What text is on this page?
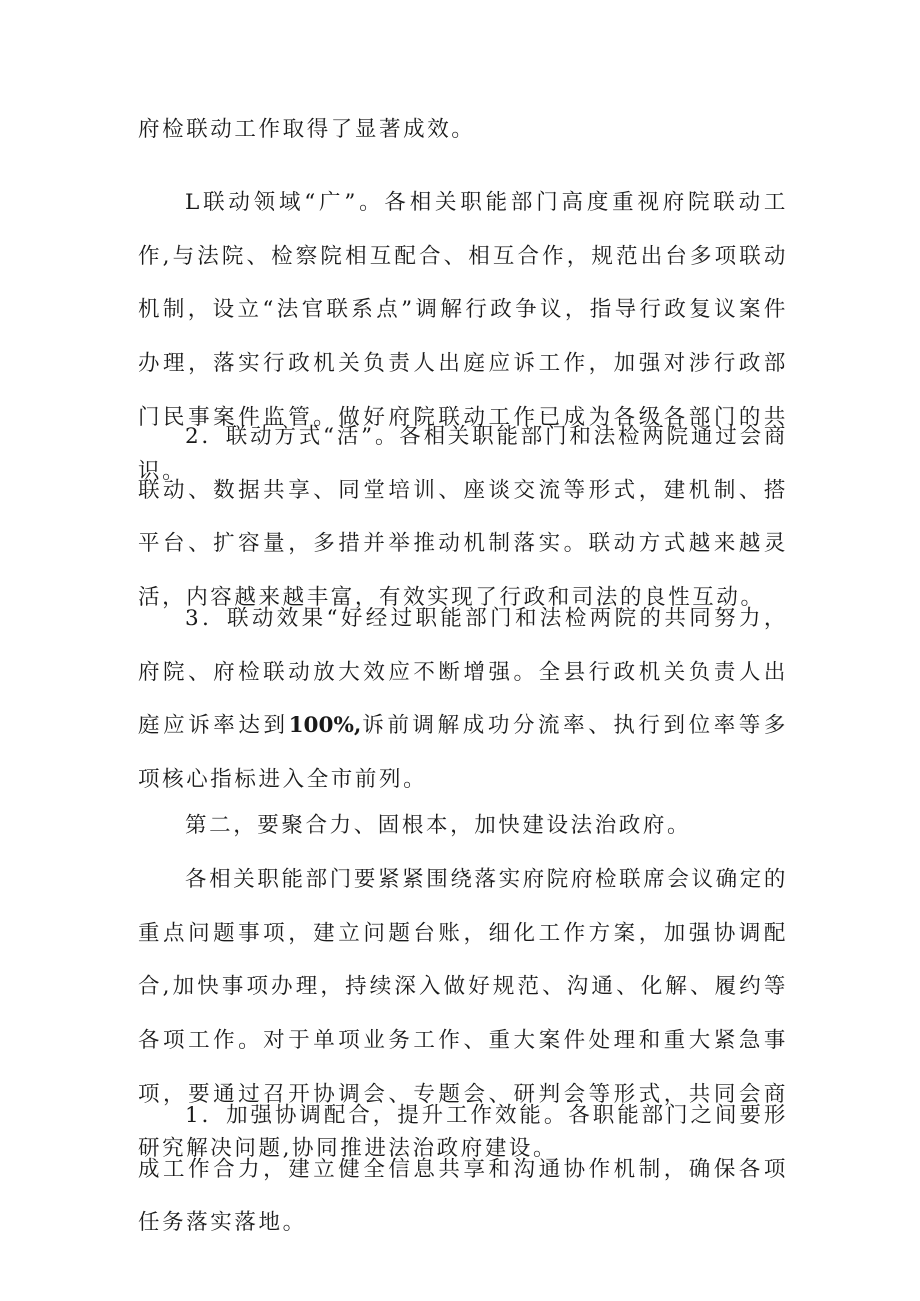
府检联动工作取得了显著成效。

L联动领域“广”。各相关职能部门高度重视府院联动工作,与法院、检察院相互配合、相互合作，规范出台多项联动机制，设立“法官联系点”调解行政争议，指导行政复议案件办理，落实行政机关负责人出庭应诉工作，加强对涉行政部门民事案件监管。做好府院联动工作已成为各级各部门的共识。

2．联动方式“活”。各相关职能部门和法检两院通过会商联动、数据共享、同堂培训、座谈交流等形式，建机制、搭平台、扩容量，多措并举推动机制落实。联动方式越来越灵活，内容越来越丰富，有效实现了行政和司法的良性互动。

3．联动效果“好经过职能部门和法检两院的共同努力，府院、府检联动放大效应不断增强。全县行政机关负责人出庭应诉率达到100%,诉前调解成功分流率、执行到位率等多项核心指标进入全市前列。

第二，要聚合力、固根本，加快建设法治政府。

各相关职能部门要紧紧围绕落实府院府检联席会议确定的重点问题事项，建立问题台账，细化工作方案，加强协调配合,加快事项办理，持续深入做好规范、沟通、化解、履约等各项工作。对于单项业务工作、重大案件处理和重大紧急事项，要通过召开协调会、专题会、研判会等形式，共同会商研究解决问题,协同推进法治政府建设。

1．加强协调配合，提升工作效能。各职能部门之间要形成工作合力，建立健全信息共享和沟通协作机制，确保各项任务落实落地。
